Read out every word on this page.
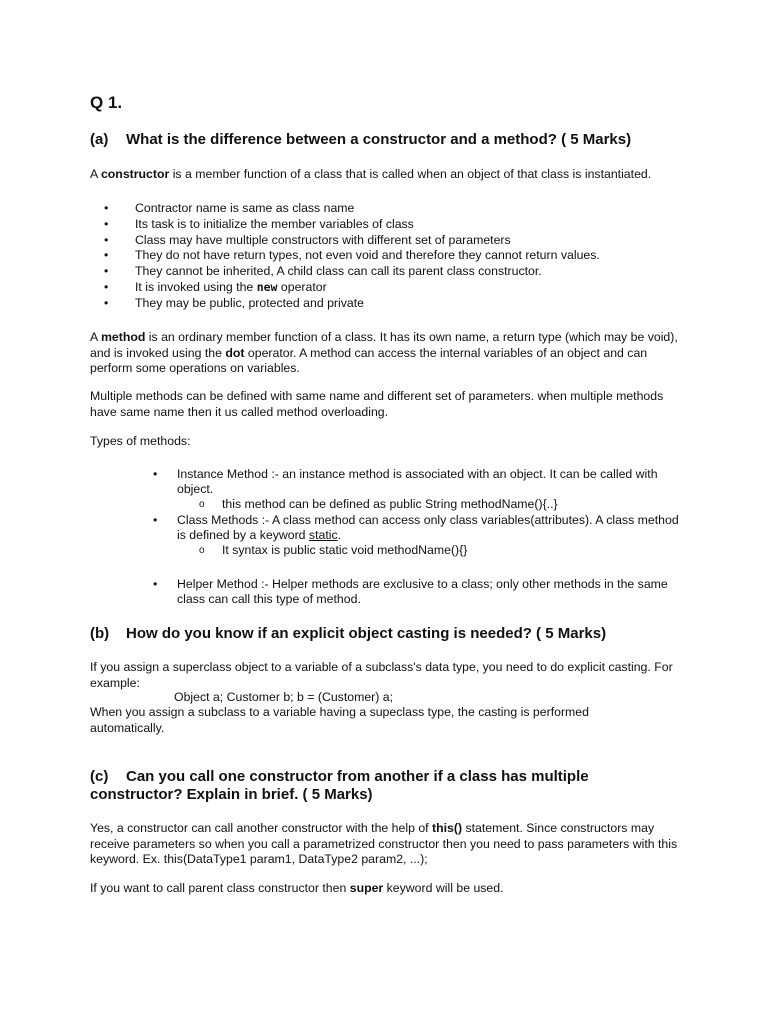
Q 1.
(a) What is the difference between a constructor and a method? ( 5 Marks)
A constructor is a member function of a class that is called when an object of that class is instantiated.
• Contractor name is same as class name
• Its task is to initialize the member variables of class
• Class may have multiple constructors with different set of parameters
• They do not have return types, not even void and therefore they cannot return values.
• They cannot be inherited, A child class can call its parent class constructor.
• It is invoked using the new operator
• They may be public, protected and private
A method is an ordinary member function of a class. It has its own name, a return type (which may be void), and is invoked using the dot operator. A method can access the internal variables of an object and can perform some operations on variables.
Multiple methods can be defined with same name and different set of parameters. when multiple methods have same name then it us called method overloading.
Types of methods:
• Instance Method :- an instance method is associated with an object. It can be called with object.
o this method can be defined as public String methodName(){..}
• Class Methods :- A class method can access only class variables(attributes). A class method is defined by a keyword static.
o It syntax is public static void methodName(){}
• Helper Method :- Helper methods are exclusive to a class; only other methods in the same class can call this type of method.
(b) How do you know if an explicit object casting is needed? ( 5 Marks)
If you assign a superclass object to a variable of a subclass's data type, you need to do explicit casting. For example:
Object a; Customer b; b = (Customer) a;
When you assign a subclass to a variable having a supeclass type, the casting is performed automatically.
(c) Can you call one constructor from another if a class has multiple
constructor? Explain in brief. ( 5 Marks)
Yes, a constructor can call another constructor with the help of this() statement. Since constructors may receive parameters so when you call a parametrized constructor then you need to pass parameters with this keyword. Ex. this(DataType1 param1, DataType2 param2, ...);
If you want to call parent class constructor then super keyword will be used.
